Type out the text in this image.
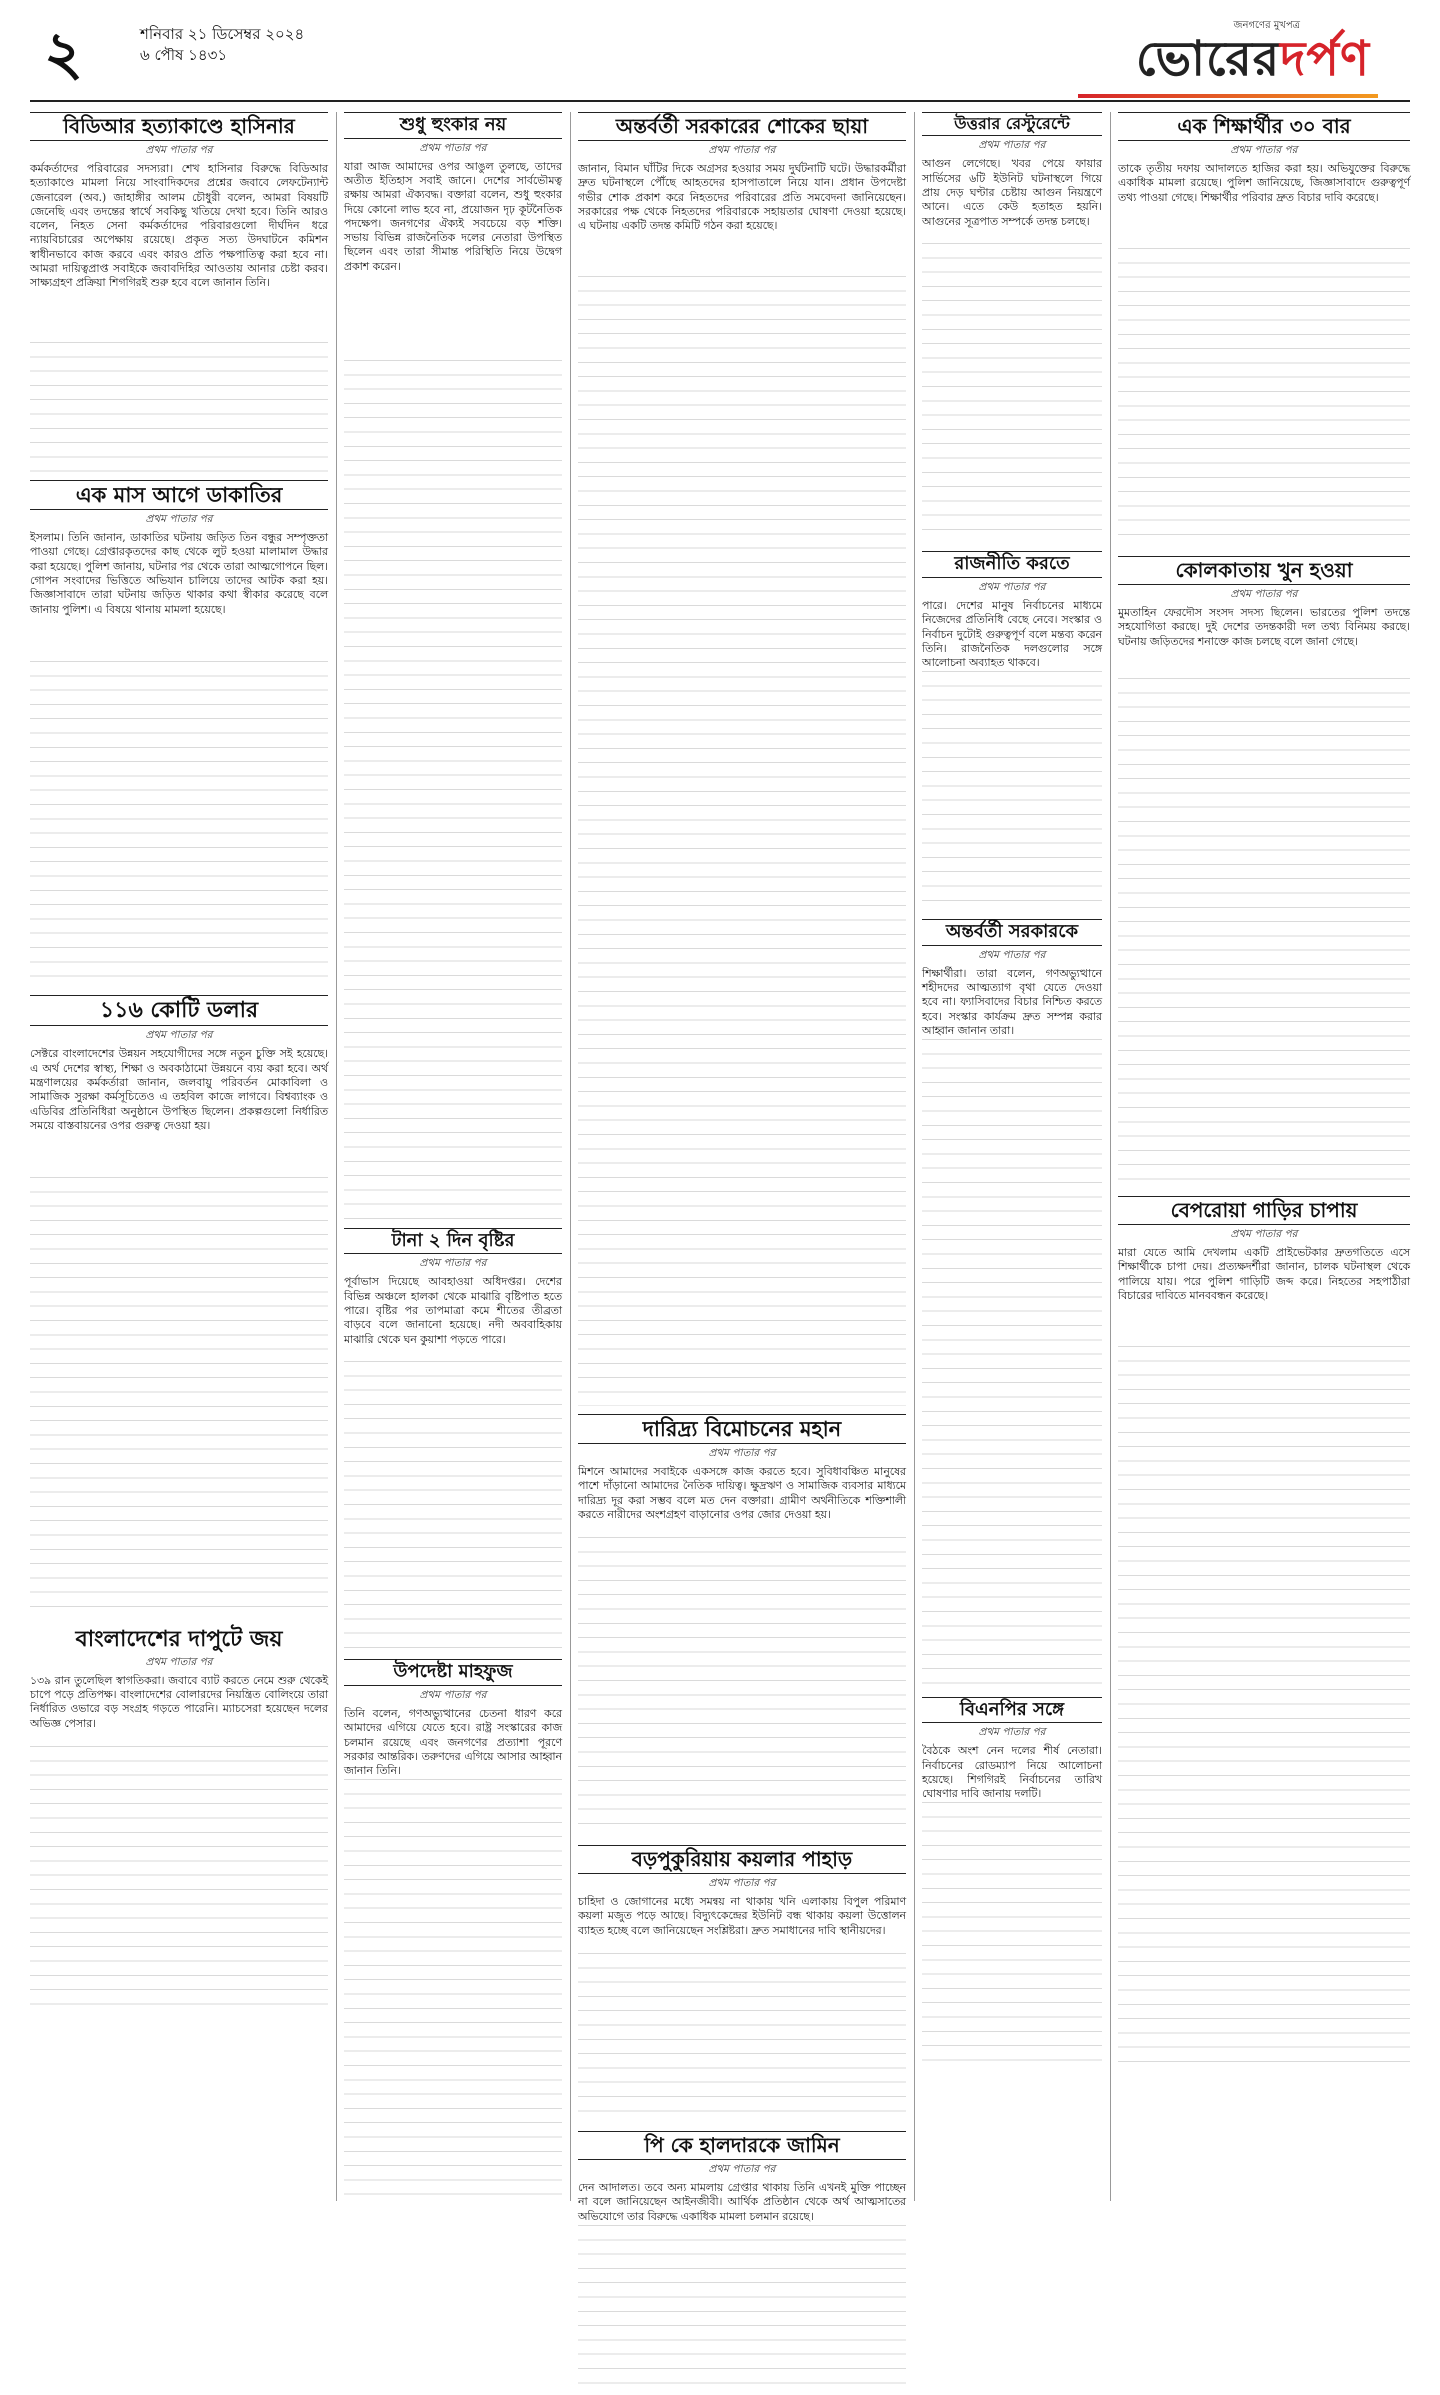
২	শনিবার ২১ ডিসেম্বর ২০২৪
৬ পৌষ ১৪৩১
জনগণের মুখপত্র
ভোরেরদর্পণ
বিডিআর হত্যাকাণ্ডে হাসিনার
প্রথম পাতার পর
কর্মকর্তাদের পরিবারের সদস্যরা। শেখ হাসিনার বিরুদ্ধে বিডিআর হত্যাকাণ্ডে মামলা নিয়ে সাংবাদিকদের প্রশ্নের জবাবে লেফটেন্যান্ট জেনারেল (অব.) জাহাঙ্গীর আলম চৌধুরী বলেন, আমরা বিষয়টি জেনেছি এবং তদন্তের স্বার্থে সবকিছু খতিয়ে দেখা হবে। তিনি আরও বলেন, নিহত সেনা কর্মকর্তাদের পরিবারগুলো দীর্ঘদিন ধরে ন্যায়বিচারের অপেক্ষায় রয়েছে। প্রকৃত সত্য উদঘাটনে কমিশন স্বাধীনভাবে কাজ করবে এবং কারও প্রতি পক্ষপাতিত্ব করা হবে না। আমরা দায়িত্বপ্রাপ্ত সবাইকে জবাবদিহির আওতায় আনার চেষ্টা করব। সাক্ষ্যগ্রহণ প্রক্রিয়া শিগগিরই শুরু হবে বলে জানান তিনি।
এক মাস আগে ডাকাতির
প্রথম পাতার পর
ইসলাম। তিনি জানান, ডাকাতির ঘটনায় জড়িত তিন বন্ধুর সম্পৃক্ততা পাওয়া গেছে। গ্রেপ্তারকৃতদের কাছ থেকে লুট হওয়া মালামাল উদ্ধার করা হয়েছে। পুলিশ জানায়, ঘটনার পর থেকে তারা আত্মগোপনে ছিল। গোপন সংবাদের ভিত্তিতে অভিযান চালিয়ে তাদের আটক করা হয়। জিজ্ঞাসাবাদে তারা ঘটনায় জড়িত থাকার কথা স্বীকার করেছে বলে জানায় পুলিশ। এ বিষয়ে থানায় মামলা হয়েছে।
১১৬ কোটি ডলার
প্রথম পাতার পর
সেক্টরে বাংলাদেশের উন্নয়ন সহযোগীদের সঙ্গে নতুন চুক্তি সই হয়েছে। এ অর্থ দেশের স্বাস্থ্য, শিক্ষা ও অবকাঠামো উন্নয়নে ব্যয় করা হবে। অর্থ মন্ত্রণালয়ের কর্মকর্তারা জানান, জলবায়ু পরিবর্তন মোকাবিলা ও সামাজিক সুরক্ষা কর্মসূচিতেও এ তহবিল কাজে লাগবে। বিশ্বব্যাংক ও এডিবির প্রতিনিধিরা অনুষ্ঠানে উপস্থিত ছিলেন। প্রকল্পগুলো নির্ধারিত সময়ে বাস্তবায়নের ওপর গুরুত্ব দেওয়া হয়।
বাংলাদেশের দাপুটে জয়
প্রথম পাতার পর
১৩৯ রান তুলেছিল স্বাগতিকরা। জবাবে ব্যাট করতে নেমে শুরু থেকেই চাপে পড়ে প্রতিপক্ষ। বাংলাদেশের বোলারদের নিয়ন্ত্রিত বোলিংয়ে তারা নির্ধারিত ওভারে বড় সংগ্রহ গড়তে পারেনি। ম্যাচসেরা হয়েছেন দলের অভিজ্ঞ পেসার।
শুধু হুংকার নয়
প্রথম পাতার পর
যারা আজ আমাদের ওপর আঙুল তুলছে, তাদের অতীত ইতিহাস সবাই জানে। দেশের সার্বভৌমত্ব রক্ষায় আমরা ঐক্যবদ্ধ। বক্তারা বলেন, শুধু হুংকার দিয়ে কোনো লাভ হবে না, প্রয়োজন দৃঢ় কূটনৈতিক পদক্ষেপ। জনগণের ঐক্যই সবচেয়ে বড় শক্তি। সভায় বিভিন্ন রাজনৈতিক দলের নেতারা উপস্থিত ছিলেন এবং তারা সীমান্ত পরিস্থিতি নিয়ে উদ্বেগ প্রকাশ করেন।
টানা ২ দিন বৃষ্টির
প্রথম পাতার পর
পূর্বাভাস দিয়েছে আবহাওয়া অধিদপ্তর। দেশের বিভিন্ন অঞ্চলে হালকা থেকে মাঝারি বৃষ্টিপাত হতে পারে। বৃষ্টির পর তাপমাত্রা কমে শীতের তীব্রতা বাড়বে বলে জানানো হয়েছে। নদী অববাহিকায় মাঝারি থেকে ঘন কুয়াশা পড়তে পারে।
উপদেষ্টা মাহফুজ
প্রথম পাতার পর
তিনি বলেন, গণঅভ্যুত্থানের চেতনা ধারণ করে আমাদের এগিয়ে যেতে হবে। রাষ্ট্র সংস্কারের কাজ চলমান রয়েছে এবং জনগণের প্রত্যাশা পূরণে সরকার আন্তরিক। তরুণদের এগিয়ে আসার আহ্বান জানান তিনি।
অন্তর্বর্তী সরকারের শোকের ছায়া
প্রথম পাতার পর
জানান, বিমান ঘাঁটির দিকে অগ্রসর হওয়ার সময় দুর্ঘটনাটি ঘটে। উদ্ধারকর্মীরা দ্রুত ঘটনাস্থলে পৌঁছে আহতদের হাসপাতালে নিয়ে যান। প্রধান উপদেষ্টা গভীর শোক প্রকাশ করে নিহতদের পরিবারের প্রতি সমবেদনা জানিয়েছেন। সরকারের পক্ষ থেকে নিহতদের পরিবারকে সহায়তার ঘোষণা দেওয়া হয়েছে। এ ঘটনায় একটি তদন্ত কমিটি গঠন করা হয়েছে।
দারিদ্র্য বিমোচনের মহান
প্রথম পাতার পর
মিশনে আমাদের সবাইকে একসঙ্গে কাজ করতে হবে। সুবিধাবঞ্চিত মানুষের পাশে দাঁড়ানো আমাদের নৈতিক দায়িত্ব। ক্ষুদ্রঋণ ও সামাজিক ব্যবসার মাধ্যমে দারিদ্র্য দূর করা সম্ভব বলে মত দেন বক্তারা। গ্রামীণ অর্থনীতিকে শক্তিশালী করতে নারীদের অংশগ্রহণ বাড়ানোর ওপর জোর দেওয়া হয়।
বড়পুকুরিয়ায় কয়লার পাহাড়
প্রথম পাতার পর
চাহিদা ও জোগানের মধ্যে সমন্বয় না থাকায় খনি এলাকায় বিপুল পরিমাণ কয়লা মজুত পড়ে আছে। বিদ্যুৎকেন্দ্রের ইউনিট বন্ধ থাকায় কয়লা উত্তোলন ব্যাহত হচ্ছে বলে জানিয়েছেন সংশ্লিষ্টরা। দ্রুত সমাধানের দাবি স্থানীয়দের।
পি কে হালদারকে জামিন
প্রথম পাতার পর
দেন আদালত। তবে অন্য মামলায় গ্রেপ্তার থাকায় তিনি এখনই মুক্তি পাচ্ছেন না বলে জানিয়েছেন আইনজীবী। আর্থিক প্রতিষ্ঠান থেকে অর্থ আত্মসাতের অভিযোগে তার বিরুদ্ধে একাধিক মামলা চলমান রয়েছে।
উত্তরার রেস্টুরেন্টে
প্রথম পাতার পর
আগুন লেগেছে। খবর পেয়ে ফায়ার সার্ভিসের ৬টি ইউনিট ঘটনাস্থলে গিয়ে প্রায় দেড় ঘণ্টার চেষ্টায় আগুন নিয়ন্ত্রণে আনে। এতে কেউ হতাহত হয়নি। আগুনের সূত্রপাত সম্পর্কে তদন্ত চলছে।
রাজনীতি করতে
প্রথম পাতার পর
পারে। দেশের মানুষ নির্বাচনের মাধ্যমে নিজেদের প্রতিনিধি বেছে নেবে। সংস্কার ও নির্বাচন দুটোই গুরুত্বপূর্ণ বলে মন্তব্য করেন তিনি। রাজনৈতিক দলগুলোর সঙ্গে আলোচনা অব্যাহত থাকবে।
অন্তর্বর্তী সরকারকে
প্রথম পাতার পর
শিক্ষার্থীরা। তারা বলেন, গণঅভ্যুত্থানে শহীদদের আত্মত্যাগ বৃথা যেতে দেওয়া হবে না। ফ্যাসিবাদের বিচার নিশ্চিত করতে হবে। সংস্কার কার্যক্রম দ্রুত সম্পন্ন করার আহ্বান জানান তারা।
বিএনপির সঙ্গে
প্রথম পাতার পর
বৈঠকে অংশ নেন দলের শীর্ষ নেতারা। নির্বাচনের রোডম্যাপ নিয়ে আলোচনা হয়েছে। শিগগিরই নির্বাচনের তারিখ ঘোষণার দাবি জানায় দলটি।
এক শিক্ষার্থীর ৩০ বার
প্রথম পাতার পর
তাকে তৃতীয় দফায় আদালতে হাজির করা হয়। অভিযুক্তের বিরুদ্ধে একাধিক মামলা রয়েছে। পুলিশ জানিয়েছে, জিজ্ঞাসাবাদে গুরুত্বপূর্ণ তথ্য পাওয়া গেছে। শিক্ষার্থীর পরিবার দ্রুত বিচার দাবি করেছে।
কোলকাতায় খুন হওয়া
প্রথম পাতার পর
মুমতাহিন ফেরদৌস সংসদ সদস্য ছিলেন। ভারতের পুলিশ তদন্তে সহযোগিতা করছে। দুই দেশের তদন্তকারী দল তথ্য বিনিময় করছে। ঘটনায় জড়িতদের শনাক্তে কাজ চলছে বলে জানা গেছে।
বেপরোয়া গাড়ির চাপায়
প্রথম পাতার পর
মারা যেতে আমি দেখলাম একটি প্রাইভেটকার দ্রুতগতিতে এসে শিক্ষার্থীকে চাপা দেয়। প্রত্যক্ষদর্শীরা জানান, চালক ঘটনাস্থল থেকে পালিয়ে যায়। পরে পুলিশ গাড়িটি জব্দ করে। নিহতের সহপাঠীরা বিচারের দাবিতে মানববন্ধন করেছে।
